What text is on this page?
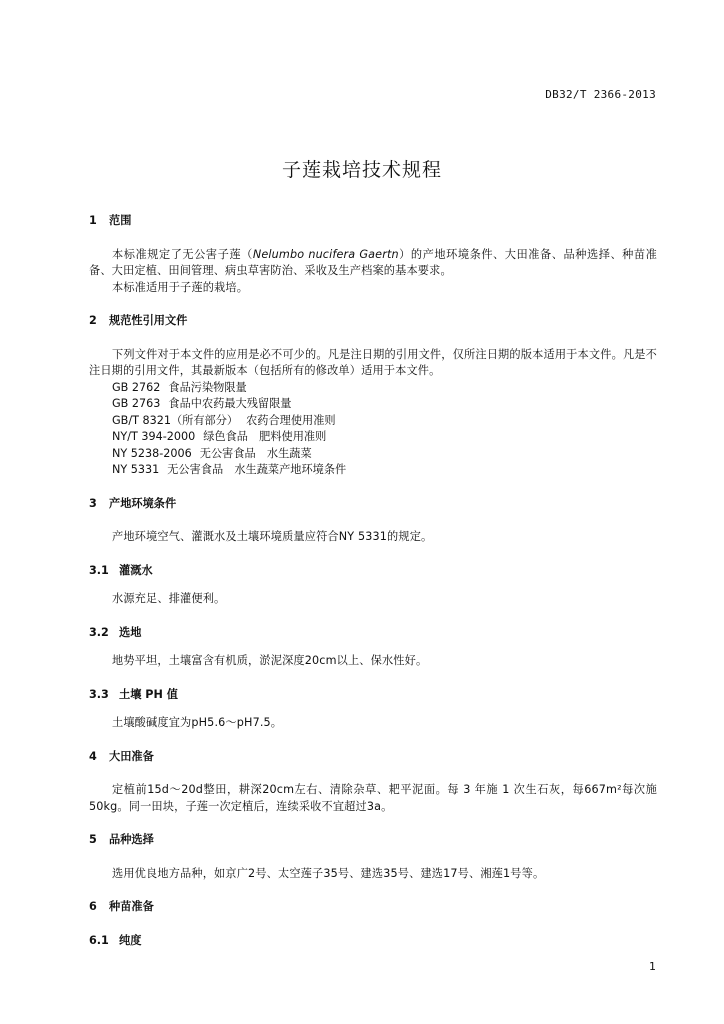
DB32/T 2366-2013
子莲栽培技术规程
1 范围
本标准规定了无公害子莲（Nelumbo nucifera Gaertn）的产地环境条件、大田准备、品种选择、种苗准备、大田定植、田间管理、病虫草害防治、采收及生产档案的基本要求。
本标准适用于子莲的栽培。
2 规范性引用文件
下列文件对于本文件的应用是必不可少的。凡是注日期的引用文件，仅所注日期的版本适用于本文件。凡是不注日期的引用文件，其最新版本（包括所有的修改单）适用于本文件。
GB 2762 食品污染物限量
GB 2763 食品中农药最大残留限量
GB/T 8321（所有部分） 农药合理使用准则
NY/T 394-2000 绿色食品　肥料使用准则
NY 5238-2006 无公害食品　水生蔬菜
NY 5331 无公害食品　水生蔬菜产地环境条件
3 产地环境条件
产地环境空气、灌溉水及土壤环境质量应符合NY 5331的规定。
3.1 灌溉水
水源充足、排灌便利。
3.2 选地
地势平坦，土壤富含有机质，淤泥深度20cm以上、保水性好。
3.3 土壤 PH 值
土壤酸碱度宜为pH5.6～pH7.5。
4 大田准备
定植前15d～20d整田，耕深20cm左右、清除杂草、耙平泥面。每 3 年施 1 次生石灰，每667m²每次施50kg。同一田块，子莲一次定植后，连续采收不宜超过3a。
5 品种选择
选用优良地方品种，如京广2号、太空莲子35号、建选35号、建选17号、湘莲1号等。
6 种苗准备
6.1 纯度
1
